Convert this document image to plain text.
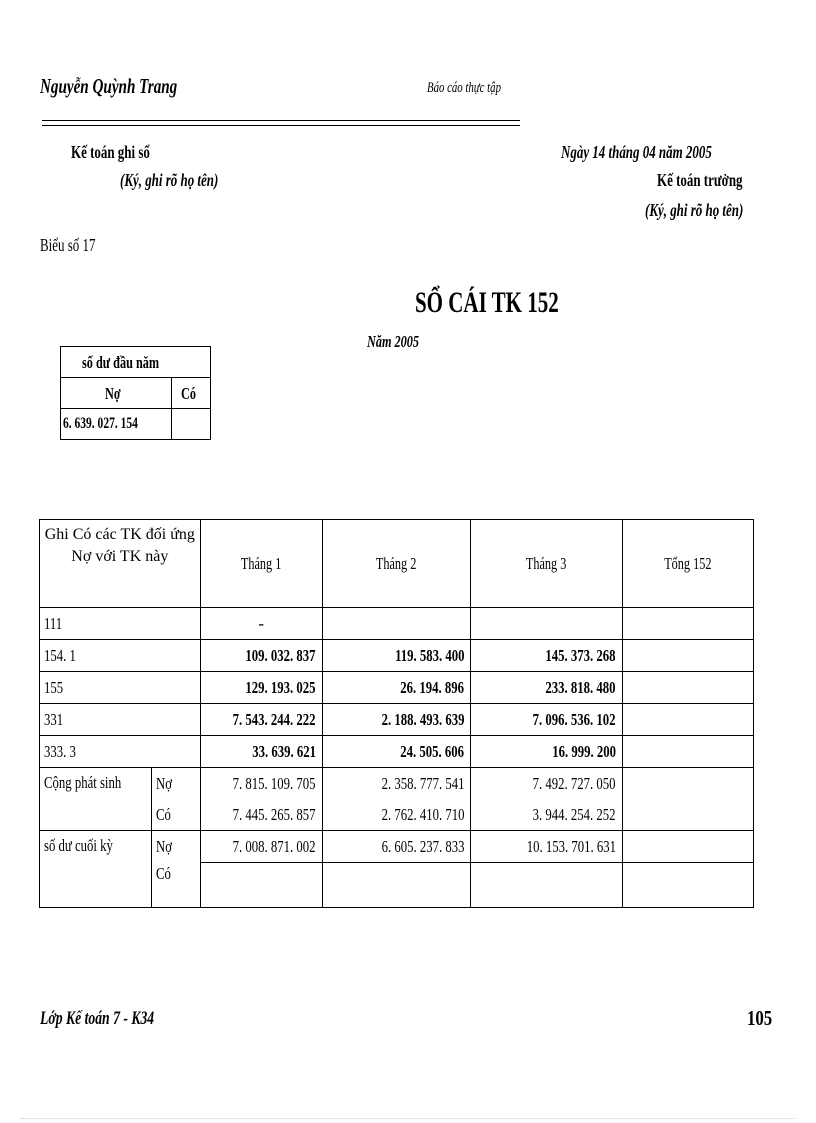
Nguyễn Quỳnh Trang	Báo cáo thực tập
Kế toán ghi sổ
(Ký, ghi rõ họ tên)
Ngày 14 tháng 04 năm 2005
Kế toán trưởng
(Ký, ghi rõ họ tên)
Biểu số 17
SỔ CÁI TK 152
Năm 2005
số dư đầu năm	
Nợ	Có
6. 639. 027. 154	
Ghi Có các TK đối ứng Nợ với TK này		Tháng 1	Tháng 2	Tháng 3	Tổng 152
111		-			
154. 1		109. 032. 837	119. 583. 400	145. 373. 268	
155		129. 193. 025	26. 194. 896	233. 818. 480	
331		7. 543. 244. 222	2. 188. 493. 639	7. 096. 536. 102	
333. 3		33. 639. 621	24. 505. 606	16. 999. 200	
Cộng phát sinh	Nợ	7. 815. 109. 705	2. 358. 777. 541	7. 492. 727. 050	
	Có	7. 445. 265. 857	2. 762. 410. 710	3. 944. 254. 252	
số dư cuối kỳ	Nợ	7. 008. 871. 002	6. 605. 237. 833	10. 153. 701. 631	
	Có				
Lớp Kế toán 7 - K34	105
